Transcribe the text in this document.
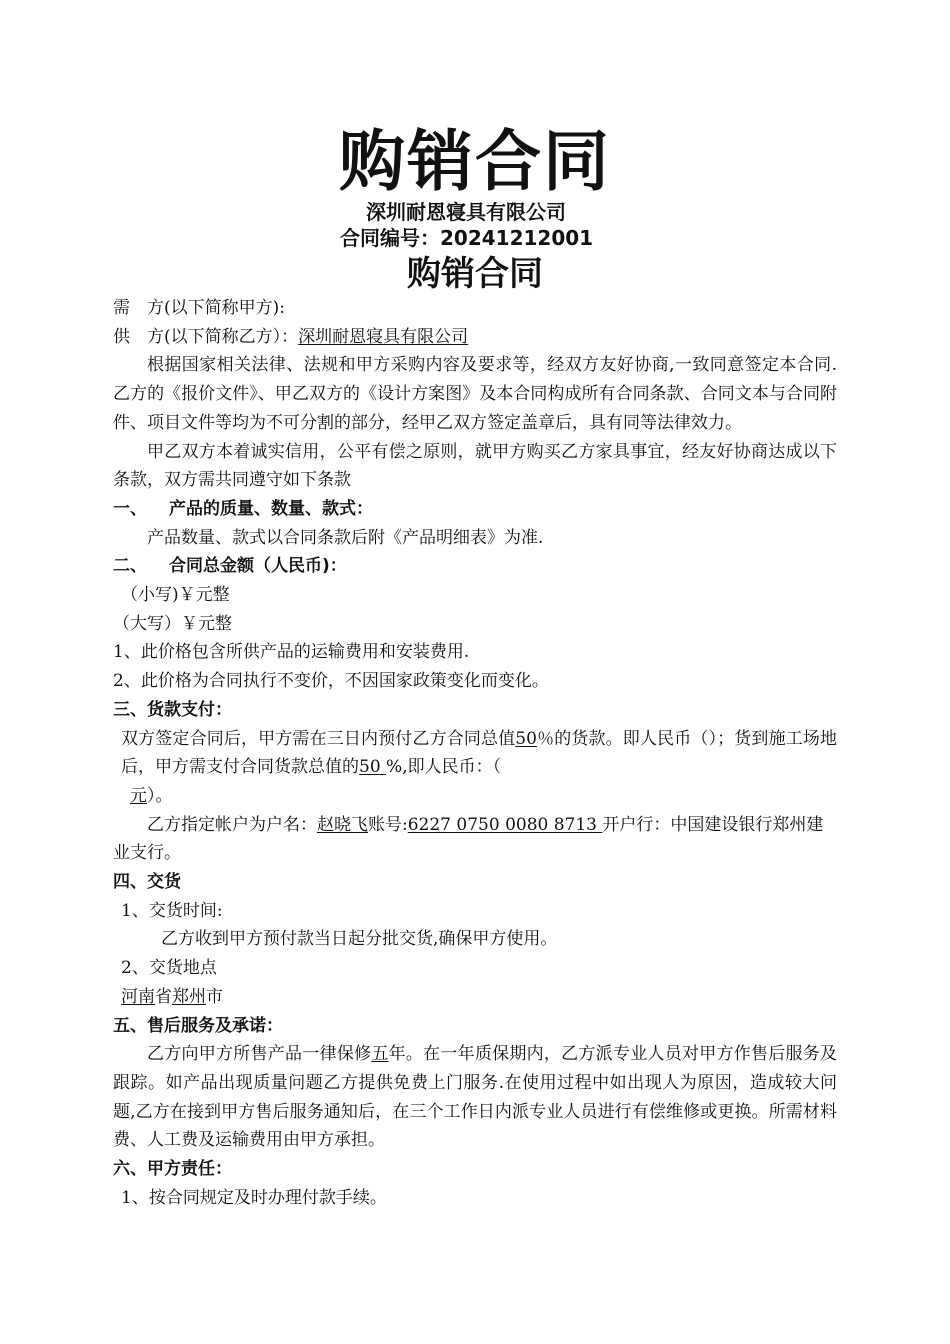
购销合同
深圳耐恩寝具有限公司
合同编号：20241212001
购销合同

需　方(以下简称甲方):

供　方(以下简称乙方）：深圳耐恩寝具有限公司

根据国家相关法律、法规和甲方采购内容及要求等，经双方友好协商,一致同意签定本合同.乙方的《报价文件》、甲乙双方的《设计方案图》及本合同构成所有合同条款、合同文本与合同附件、项目文件等均为不可分割的部分，经甲乙双方签定盖章后，具有同等法律效力。

甲乙双方本着诚实信用，公平有偿之原则，就甲方购买乙方家具事宜，经友好协商达成以下条款，双方需共同遵守如下条款

一、 产品的质量、数量、款式：

产品数量、款式以合同条款后附《产品明细表》为准.

二、 合同总金额（人民币)：

（小写)￥元整

（大写）￥元整

1、此价格包含所供产品的运输费用和安装费用.

2、此价格为合同执行不变价，不因国家政策变化而变化。

三、货款支付：

双方签定合同后，甲方需在三日内预付乙方合同总值50％的货款。即人民币（）；货到施工场地后，甲方需支付合同货款总值的50 %,即人民币：（

元）。

乙方指定帐户为户名：赵晓飞账号:6227 0750 0080 8713 开户行：中国建设银行郑州建业支行。

四、交货

1、交货时间:

乙方收到甲方预付款当日起分批交货,确保甲方使用。

2、交货地点

河南省郑州市

五、售后服务及承诺：

乙方向甲方所售产品一律保修五年。在一年质保期内，乙方派专业人员对甲方作售后服务及跟踪。如产品出现质量问题乙方提供免费上门服务.在使用过程中如出现人为原因，造成较大问题,乙方在接到甲方售后服务通知后，在三个工作日内派专业人员进行有偿维修或更换。所需材料费、人工费及运输费用由甲方承担。

六、甲方责任：

1、按合同规定及时办理付款手续。
